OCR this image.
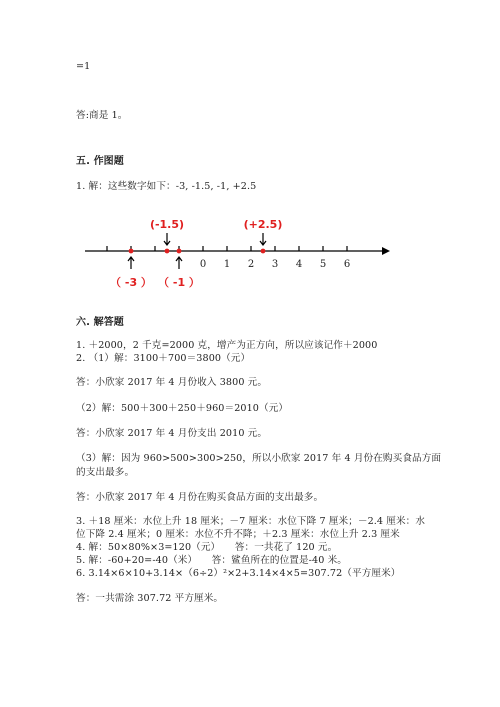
=1
答:商是 1。
五. 作图题
1. 解：这些数字如下：-3, -1.5, -1, +2.5
0	2	4	6
1	3	5
（ -3 ）
(-1.5)
（ -1 ）
(+2.5)
六. 解答题
1. ＋2000，2 千克=2000 克，增产为正方向，所以应该记作＋2000
2. （1）解：3100＋700＝3800（元）
答：小欣家 2017 年 4 月份收入 3800 元。
（2）解：500＋300＋250＋960＝2010（元）
答：小欣家 2017 年 4 月份支出 2010 元。
（3）解：因为 960>500>300>250，所以小欣家 2017 年 4 月份在购买食品方面
的支出最多。
答：小欣家 2017 年 4 月份在购买食品方面的支出最多。
3. ＋18 厘米：水位上升 18 厘米；－7 厘米：水位下降 7 厘米；－2.4 厘米：水
位下降 2.4 厘米；0 厘米：水位不升不降；＋2.3 厘米：水位上升 2.3 厘米
4. 解：50×80%×3=120（元）　　答：一共花了 120 元。
5. 解：-60+20=-40（米）　　答：鲨鱼所在的位置是-40 米。
6. 3.14×6×10+3.14×（6÷2）²×2+3.14×4×5=307.72（平方厘米）
答：一共需涂 307.72 平方厘米。
